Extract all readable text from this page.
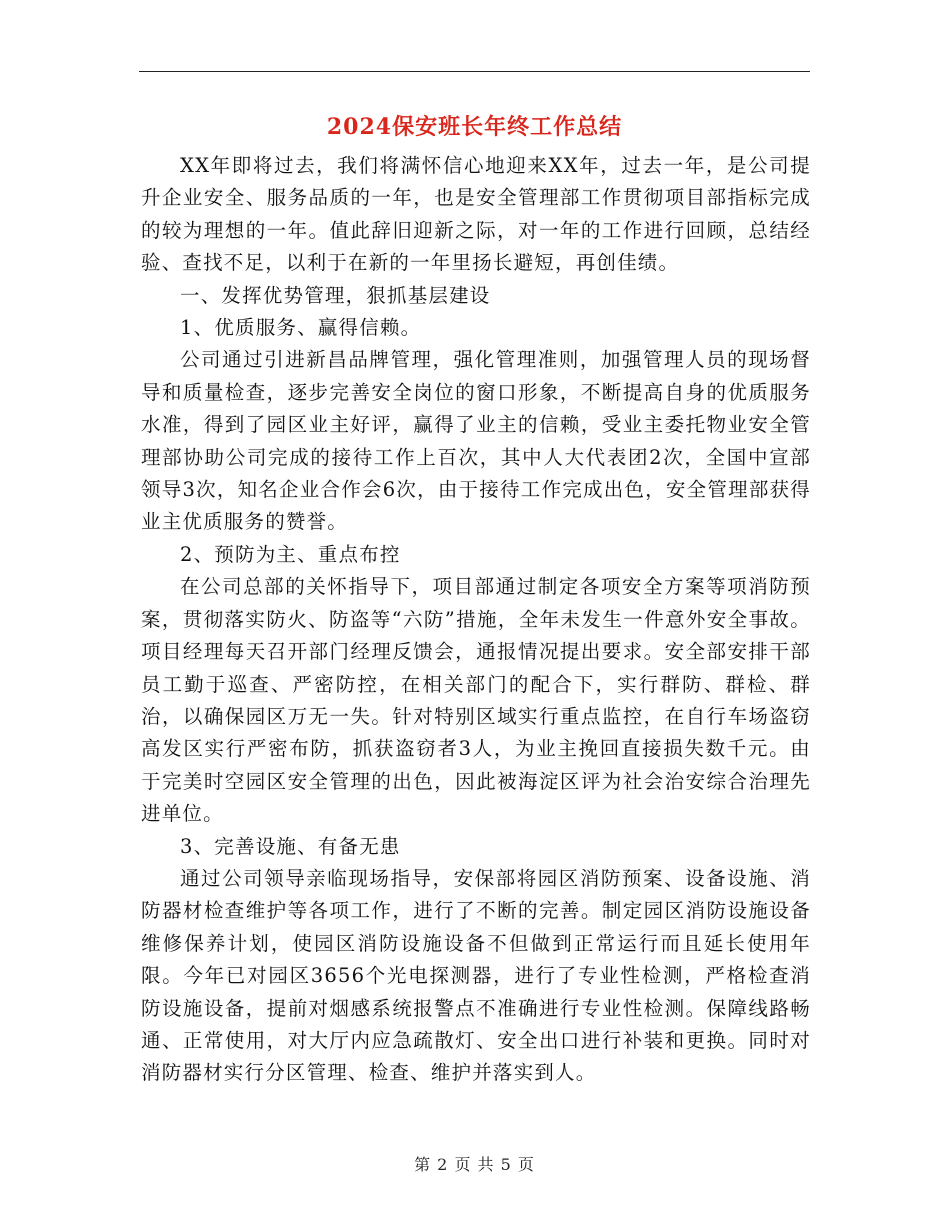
2024保安班长年终工作总结

XX年即将过去，我们将满怀信心地迎来XX年，过去一年，是公司提升企业安全、服务品质的一年，也是安全管理部工作贯彻项目部指标完成的较为理想的一年。值此辞旧迎新之际，对一年的工作进行回顾，总结经验、查找不足，以利于在新的一年里扬长避短，再创佳绩。

一、发挥优势管理，狠抓基层建设

1、优质服务、赢得信赖。

公司通过引进新昌品牌管理，强化管理准则，加强管理人员的现场督导和质量检查，逐步完善安全岗位的窗口形象，不断提高自身的优质服务水准，得到了园区业主好评，赢得了业主的信赖，受业主委托物业安全管理部协助公司完成的接待工作上百次，其中人大代表团2次，全国中宣部领导3次，知名企业合作会6次，由于接待工作完成出色，安全管理部获得业主优质服务的赞誉。

2、预防为主、重点布控

在公司总部的关怀指导下，项目部通过制定各项安全方案等项消防预案，贯彻落实防火、防盗等“六防”措施，全年未发生一件意外安全事故。项目经理每天召开部门经理反馈会，通报情况提出要求。安全部安排干部员工勤于巡查、严密防控，在相关部门的配合下，实行群防、群检、群治，以确保园区万无一失。针对特别区域实行重点监控，在自行车场盗窃高发区实行严密布防，抓获盗窃者3人，为业主挽回直接损失数千元。由于完美时空园区安全管理的出色，因此被海淀区评为社会治安综合治理先进单位。

3、完善设施、有备无患

通过公司领导亲临现场指导，安保部将园区消防预案、设备设施、消防器材检查维护等各项工作，进行了不断的完善。制定园区消防设施设备维修保养计划，使园区消防设施设备不但做到正常运行而且延长使用年限。今年已对园区3656个光电探测器，进行了专业性检测，严格检查消防设施设备，提前对烟感系统报警点不准确进行专业性检测。保障线路畅通、正常使用，对大厅内应急疏散灯、安全出口进行补装和更换。同时对消防器材实行分区管理、检查、维护并落实到人。

第 2 页 共 5 页
